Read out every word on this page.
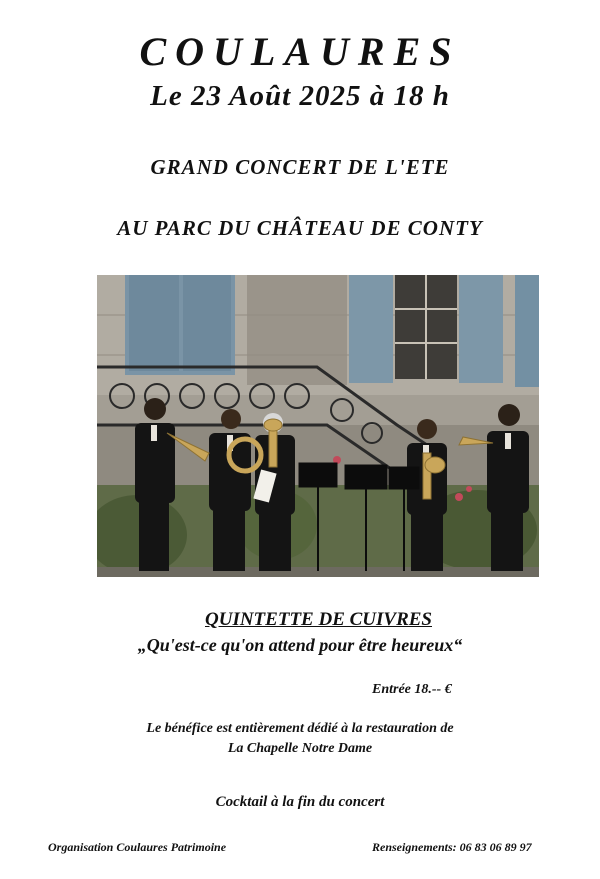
COULAURES
Le 23 Août 2025 à 18 h
GRAND CONCERT DE L'ETE
AU PARC DU CHÂTEAU DE CONTY
QUINTETTE DE CUIVRES
„Qu'est-ce qu'on attend pour être heureux“
Entrée 18.-- €
Le bénéfice est entièrement dédié à la restauration de
La Chapelle Notre Dame
Cocktail à la fin du concert
Organisation Coulaures Patrimoine	Renseignements: 06 83 06 89 97
